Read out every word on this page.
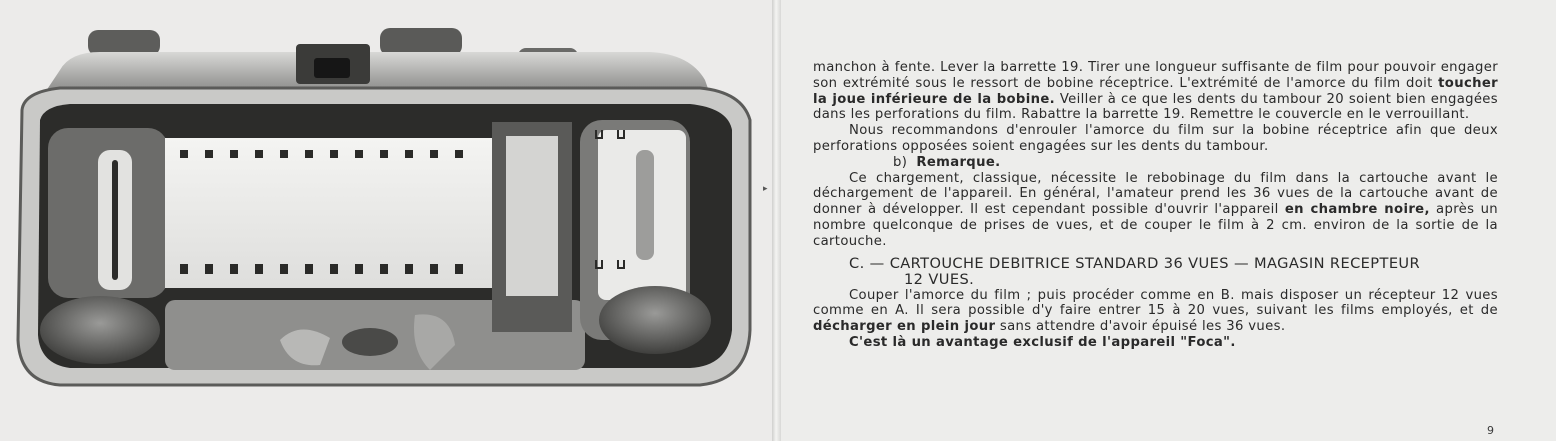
▸

manchon à fente. Lever la barrette 19. Tirer une longueur suffisante de film pour pouvoir engager son extrémité sous le ressort de bobine réceptrice. L'extrémité de l'amorce du film doit toucher la joue inférieure de la bobine. Veiller à ce que les dents du tambour 20 soient bien engagées dans les perforations du film. Rabattre la barrette 19. Remettre le couvercle en le verrouillant.

Nous recommandons d'enrouler l'amorce du film sur la bobine réceptrice afin que deux perforations opposées soient engagées sur les dents du tambour.

b) Remarque.

Ce chargement, classique, nécessite le rebobinage du film dans la cartouche avant le déchargement de l'appareil. En général, l'amateur prend les 36 vues de la cartouche avant de donner à développer. Il est cependant possible d'ouvrir l'appareil en chambre noire, après un nombre quelconque de prises de vues, et de couper le film à 2 cm. environ de la sortie de la cartouche.

C. — CARTOUCHE DEBITRICE STANDARD 36 VUES — MAGASIN RECEPTEUR
12 VUES.

Couper l'amorce du film ; puis procéder comme en B. mais disposer un récepteur 12 vues comme en A. Il sera possible d'y faire entrer 15 à 20 vues, suivant les films employés, et de décharger en plein jour sans attendre d'avoir épuisé les 36 vues.

C'est là un avantage exclusif de l'appareil "Foca".

9
